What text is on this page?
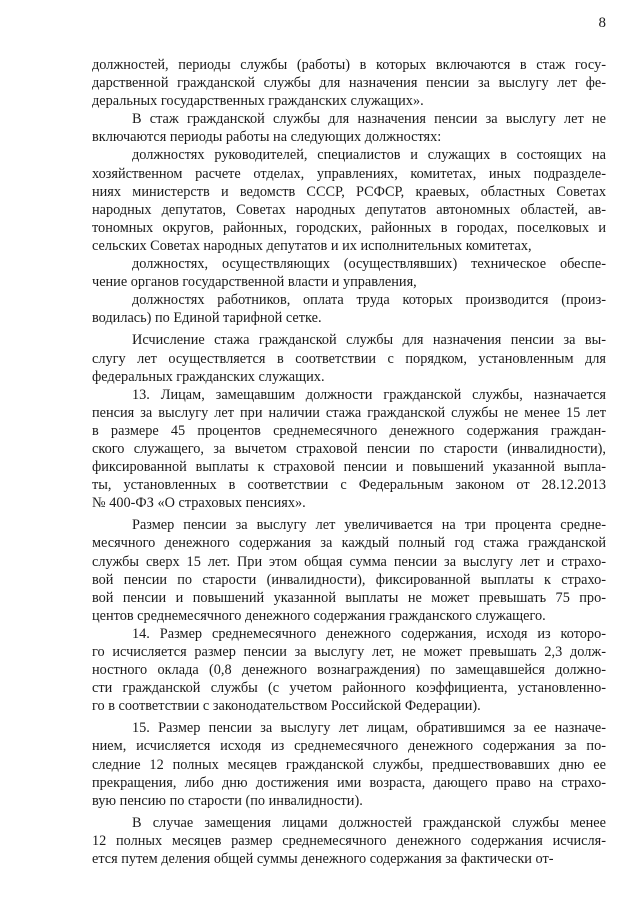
8

должностей, периоды службы (работы) в которых включаются в стаж госу-
дарственной гражданской службы для назначения пенсии за выслугу лет фе-
деральных государственных гражданских служащих».

В стаж гражданской службы для назначения пенсии за выслугу лет не
включаются периоды работы на следующих должностях:

должностях руководителей, специалистов и служащих в состоящих на
хозяйственном расчете отделах, управлениях, комитетах, иных подразделе-
ниях министерств и ведомств СССР, РСФСР, краевых, областных Советах
народных депутатов, Советах народных депутатов автономных областей, ав-
тономных округов, районных, городских, районных в городах, поселковых и
сельских Советах народных депутатов и их исполнительных комитетах,

должностях, осуществляющих (осуществлявших) техническое обеспе-
чение органов государственной власти и управления,

должностях работников, оплата труда которых производится (произ-
водилась) по Единой тарифной сетке.

Исчисление стажа гражданской службы для назначения пенсии за вы-
слугу лет осуществляется в соответствии с порядком, установленным для
федеральных гражданских служащих.

13. Лицам, замещавшим должности гражданской службы, назначается
пенсия за выслугу лет при наличии стажа гражданской службы не менее 15 лет
в размере 45 процентов среднемесячного денежного содержания граждан-
ского служащего, за вычетом страховой пенсии по старости (инвалидности),
фиксированной выплаты к страховой пенсии и повышений указанной выпла-
ты, установленных в соответствии с Федеральным законом от 28.12.2013
№ 400-ФЗ «О страховых пенсиях».

Размер пенсии за выслугу лет увеличивается на три процента средне-
месячного денежного содержания за каждый полный год стажа гражданской
службы сверх 15 лет. При этом общая сумма пенсии за выслугу лет и страхо-
вой пенсии по старости (инвалидности), фиксированной выплаты к страхо-
вой пенсии и повышений указанной выплаты не может превышать 75 про-
центов среднемесячного денежного содержания гражданского служащего.

14. Размер среднемесячного денежного содержания, исходя из которо-
го исчисляется размер пенсии за выслугу лет, не может превышать 2,3 долж-
ностного оклада (0,8 денежного вознаграждения) по замещавшейся должно-
сти гражданской службы (с учетом районного коэффициента, установленно-
го в соответствии с законодательством Российской Федерации).

15. Размер пенсии за выслугу лет лицам, обратившимся за ее назначе-
нием, исчисляется исходя из среднемесячного денежного содержания за по-
следние 12 полных месяцев гражданской службы, предшествовавших дню ее
прекращения, либо дню достижения ими возраста, дающего право на страхо-
вую пенсию по старости (по инвалидности).

В случае замещения лицами должностей гражданской службы менее
12 полных месяцев размер среднемесячного денежного содержания исчисля-
ется путем деления общей суммы денежного содержания за фактически от-
